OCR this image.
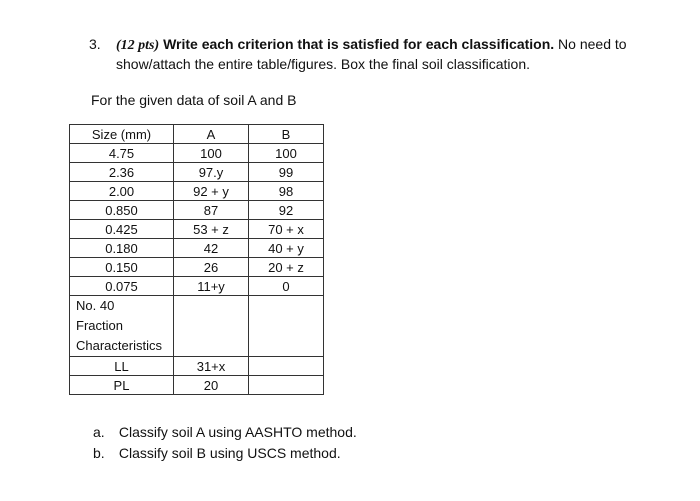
3. (12 pts) Write each criterion that is satisfied for each classification. No need to
show/attach the entire table/figures. Box the final soil classification.
For the given data of soil A and B
Size (mm)	A	B
4.75	100	100
2.36	97.y	99
2.00	92 + y	98
0.850	87	92
0.425	53 + z	70 + x
0.180	42	40 + y
0.150	26	20 + z
0.075	11+y	0

No. 40
Fraction
Characteristics		

LL	31+x	
PL	20	
a. Classify soil A using AASHTO method.
b. Classify soil B using USCS method.
